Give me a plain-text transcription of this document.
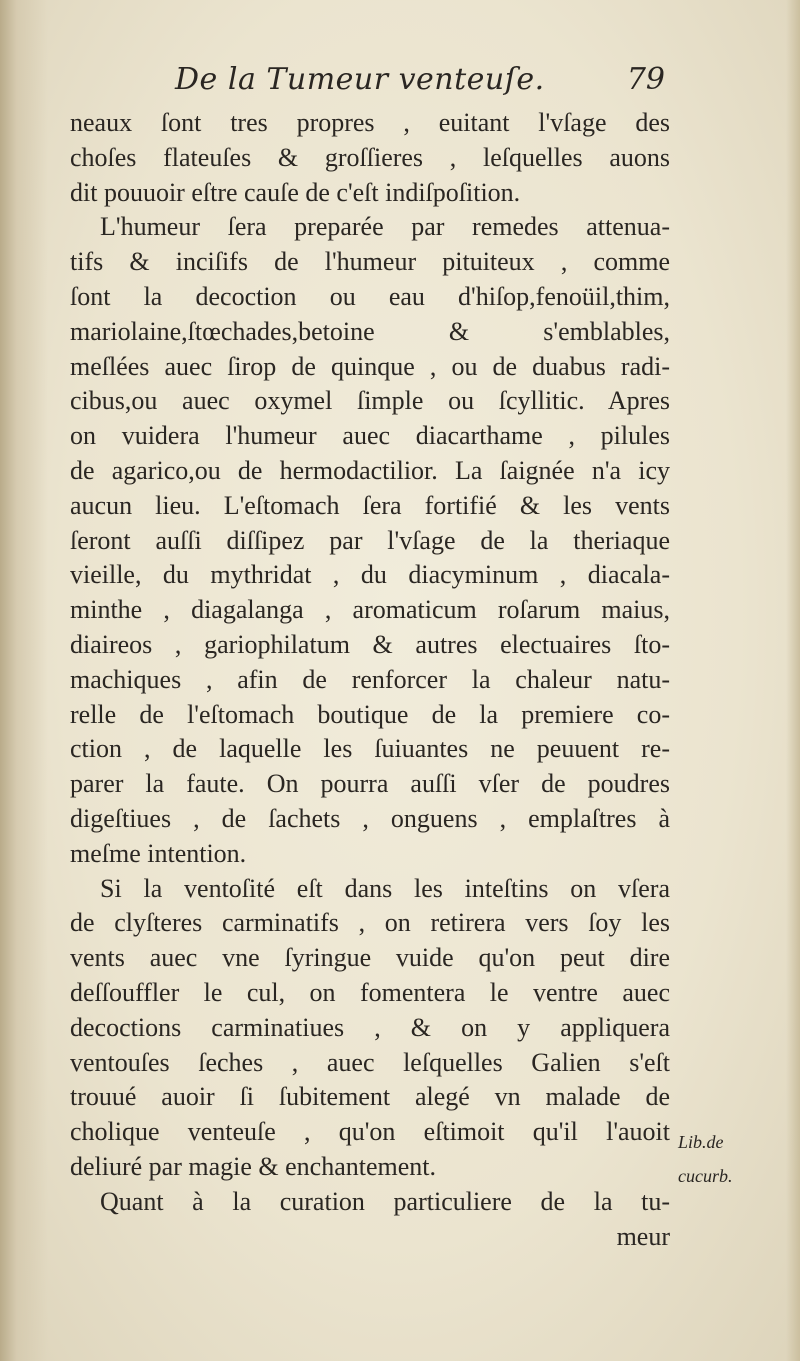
De la Tumeur venteuſe.	79
neaux ſont tres propres , euitant l'vſage des
choſes flateuſes & groſſieres , leſquelles auons
dit pouuoir eſtre cauſe de c'eſt indiſpoſition.
L'humeur ſera preparée par remedes attenua-
tifs & inciſifs de l'humeur pituiteux , comme
ſont la decoction ou eau d'hiſop,fenoüil,thim,
mariolaine,ſtœchades,betoine & s'emblables,
meſlées auec ſirop de quinque , ou de duabus radi-
cibus,ou auec oxymel ſimple ou ſcyllitic. Apres
on vuidera l'humeur auec diacarthame , pilules
de agarico,ou de hermodactilior. La ſaignée n'a icy
aucun lieu. L'eſtomach ſera fortifié & les vents
ſeront auſſi diſſipez par l'vſage de la theriaque
vieille, du mythridat , du diacyminum , diacala-
minthe , diagalanga , aromaticum roſarum maius,
diaireos , gariophilatum & autres electuaires ſto-
machiques , afin de renforcer la chaleur natu-
relle de l'eſtomach boutique de la premiere co-
ction , de laquelle les ſuiuantes ne peuuent re-
parer la faute. On pourra auſſi vſer de poudres
digeſtiues , de ſachets , onguens , emplaſtres à
meſme intention.
Si la ventoſité eſt dans les inteſtins on vſera
de clyſteres carminatifs , on retirera vers ſoy les
vents auec vne ſyringue vuide qu'on peut dire
deſſouffler le cul, on fomentera le ventre auec
decoctions carminatiues , & on y appliquera
ventouſes ſeches , auec leſquelles Galien s'eſt
trouué auoir ſi ſubitement alegé vn malade de
cholique venteuſe , qu'on eſtimoit qu'il l'auoit
deliuré par magie & enchantement.
Quant à la curation particuliere de la tu-
meur
Lib.de
cucurb.
